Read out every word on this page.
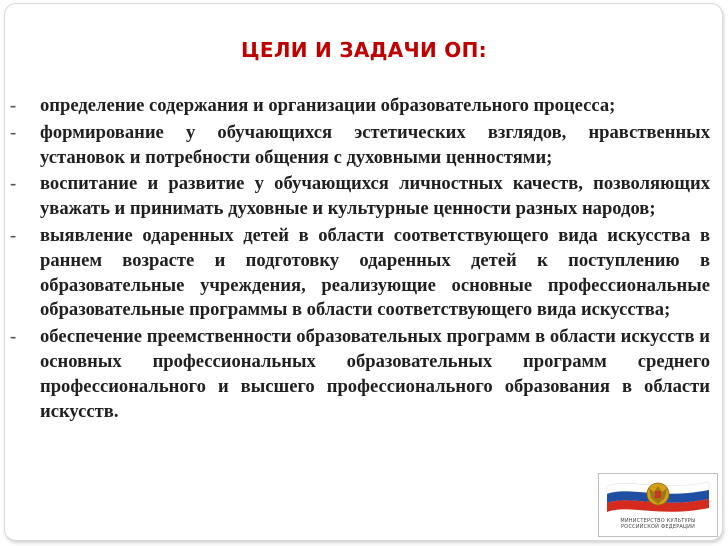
ЦЕЛИ И ЗАДАЧИ ОП:
-	определение содержания и организации образовательного процесса;
-	формирование у обучающихся эстетических взглядов, нравственных установок и потребности общения с духовными ценностями;
-	воспитание и развитие у обучающихся личностных качеств, позволяющих уважать и принимать духовные и культурные ценности разных народов;
-	выявление одаренных детей в области соответствующего вида искусства в раннем возрасте и подготовку одаренных детей к поступлению в образовательные учреждения, реализующие основные профессиональные образовательные программы в области соответствующего вида искусства;
-	обеспечение преемственности образовательных программ в области искусств и основных профессиональных образовательных программ среднего профессионального и высшего профессионального образования в области искусств.
МИНИСТЕРСТВО КУЛЬТУРЫ РОССИЙСКОЙ ФЕДЕРАЦИИ
